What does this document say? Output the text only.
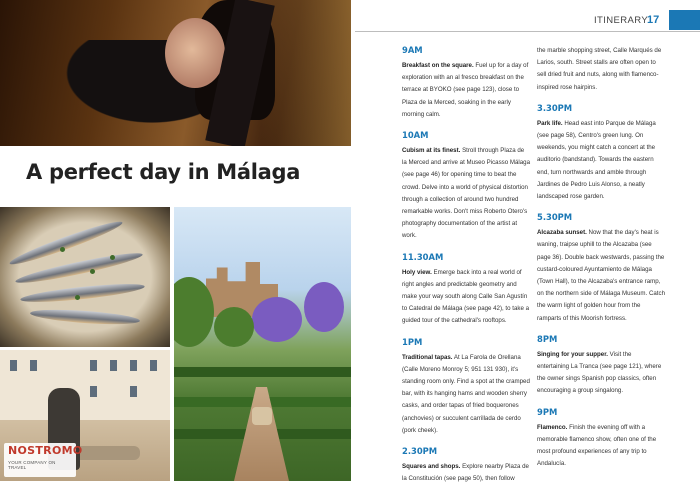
A perfect day in Málaga
NOSTROMO
YOUR COMPANY ON TRAVEL
ITINERARY
17
9AM
Breakfast on the square. Fuel up for a day of exploration with an al fresco breakfast on the terrace at BYOKO (see page 123), close to Plaza de la Merced, soaking in the early morning calm.
10AM
Cubism at its finest. Stroll through Plaza de la Merced and arrive at Museo Picasso Málaga (see page 46) for opening time to beat the crowd. Delve into a world of physical distortion through a collection of around two hundred remarkable works. Don't miss Roberto Otero's photography documentation of the artist at work.
11.30AM
Holy view. Emerge back into a real world of right angles and predictable geometry and make your way south along Calle San Agustín to Catedral de Málaga (see page 42), to take a guided tour of the cathedral's rooftops.
1PM
Traditional tapas. At La Farola de Orellana (Calle Moreno Monroy 5; 951 131 930), it's standing room only. Find a spot at the cramped bar, with its hanging hams and wooden sherry casks, and order tapas of fried boquerones (anchovies) or succulent carrillada de cerdo (pork cheek).
2.30PM
Squares and shops. Explore nearby Plaza de la Constitución (see page 50), then follow
the marble shopping street, Calle Marqués de Larios, south. Street stalls are often open to sell dried fruit and nuts, along with flamenco-inspired rose hairpins.
3.30PM
Park life. Head east into Parque de Málaga (see page 58), Centro's green lung. On weekends, you might catch a concert at the auditorio (bandstand). Towards the eastern end, turn northwards and amble through Jardines de Pedro Luis Alonso, a neatly landscaped rose garden.
5.30PM
Alcazaba sunset. Now that the day's heat is waning, traipse uphill to the Alcazaba (see page 36). Double back westwards, passing the custard-coloured Ayuntamiento de Málaga (Town Hall), to the Alcazaba's entrance ramp, on the northern side of Málaga Museum. Catch the warm light of golden hour from the ramparts of this Moorish fortress.
8PM
Singing for your supper. Visit the entertaining La Tranca (see page 121), where the owner sings Spanish pop classics, often encouraging a group singalong.
9PM
Flamenco. Finish the evening off with a memorable flamenco show, often one of the most profound experiences of any trip to Andalucía.
